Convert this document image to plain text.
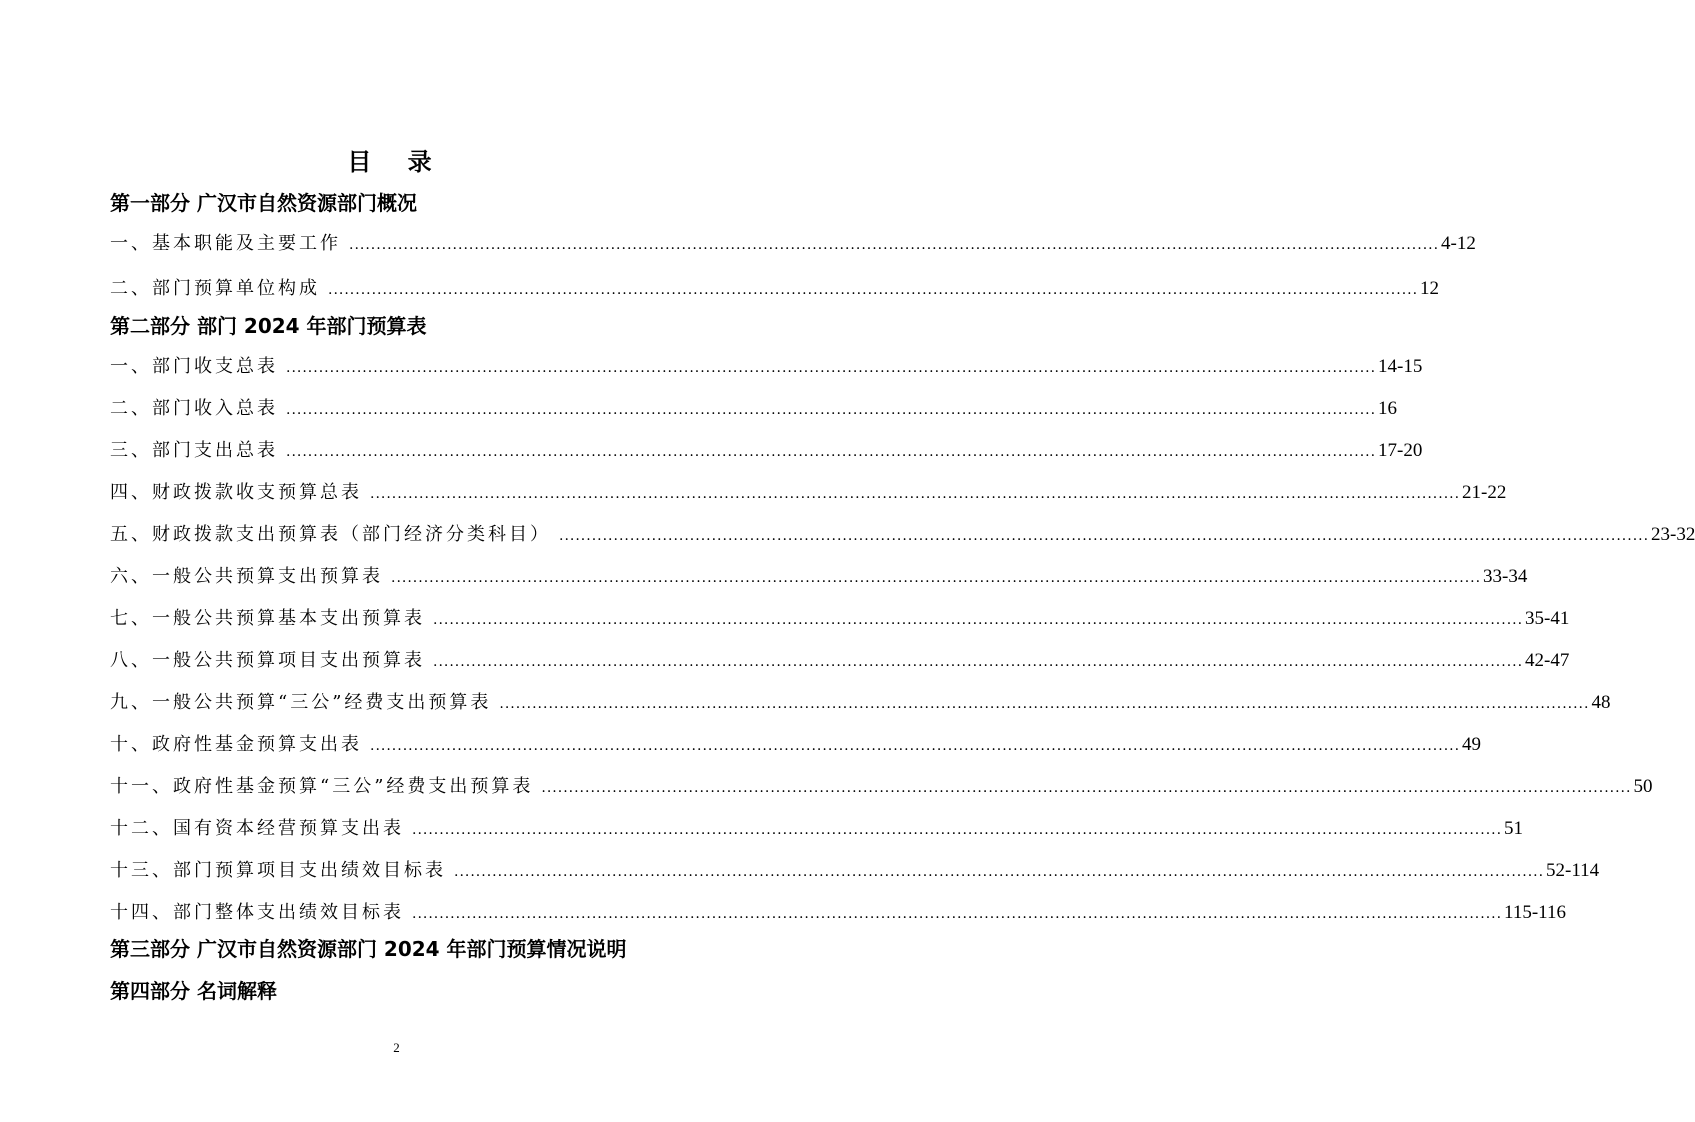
目 录
第一部分 广汉市自然资源部门概况
一、基本职能及主要工作 ........................................................................................................................................................................................................ 4-12
二、部门预算单位构成 ........................................................................................................................................................................................................ 12
第二部分 部门 2024 年部门预算表
一、部门收支总表 ........................................................................................................................................................................................................ 14-15
二、部门收入总表 ........................................................................................................................................................................................................ 16
三、部门支出总表 ........................................................................................................................................................................................................ 17-20
四、财政拨款收支预算总表 ........................................................................................................................................................................................................ 21-22
五、财政拨款支出预算表（部门经济分类科目） ........................................................................................................................................................................................................ 23-32
六、一般公共预算支出预算表 ........................................................................................................................................................................................................ 33-34
七、一般公共预算基本支出预算表 ........................................................................................................................................................................................................ 35-41
八、一般公共预算项目支出预算表 ........................................................................................................................................................................................................ 42-47
九、一般公共预算“三公”经费支出预算表 ........................................................................................................................................................................................................ 48
十、政府性基金预算支出表 ........................................................................................................................................................................................................ 49
十一、政府性基金预算“三公”经费支出预算表 ........................................................................................................................................................................................................ 50
十二、国有资本经营预算支出表 ........................................................................................................................................................................................................ 51
十三、部门预算项目支出绩效目标表 ........................................................................................................................................................................................................ 52-114
十四、部门整体支出绩效目标表 ........................................................................................................................................................................................................ 115-116
第三部分 广汉市自然资源部门 2024 年部门预算情况说明
第四部分 名词解释
2
